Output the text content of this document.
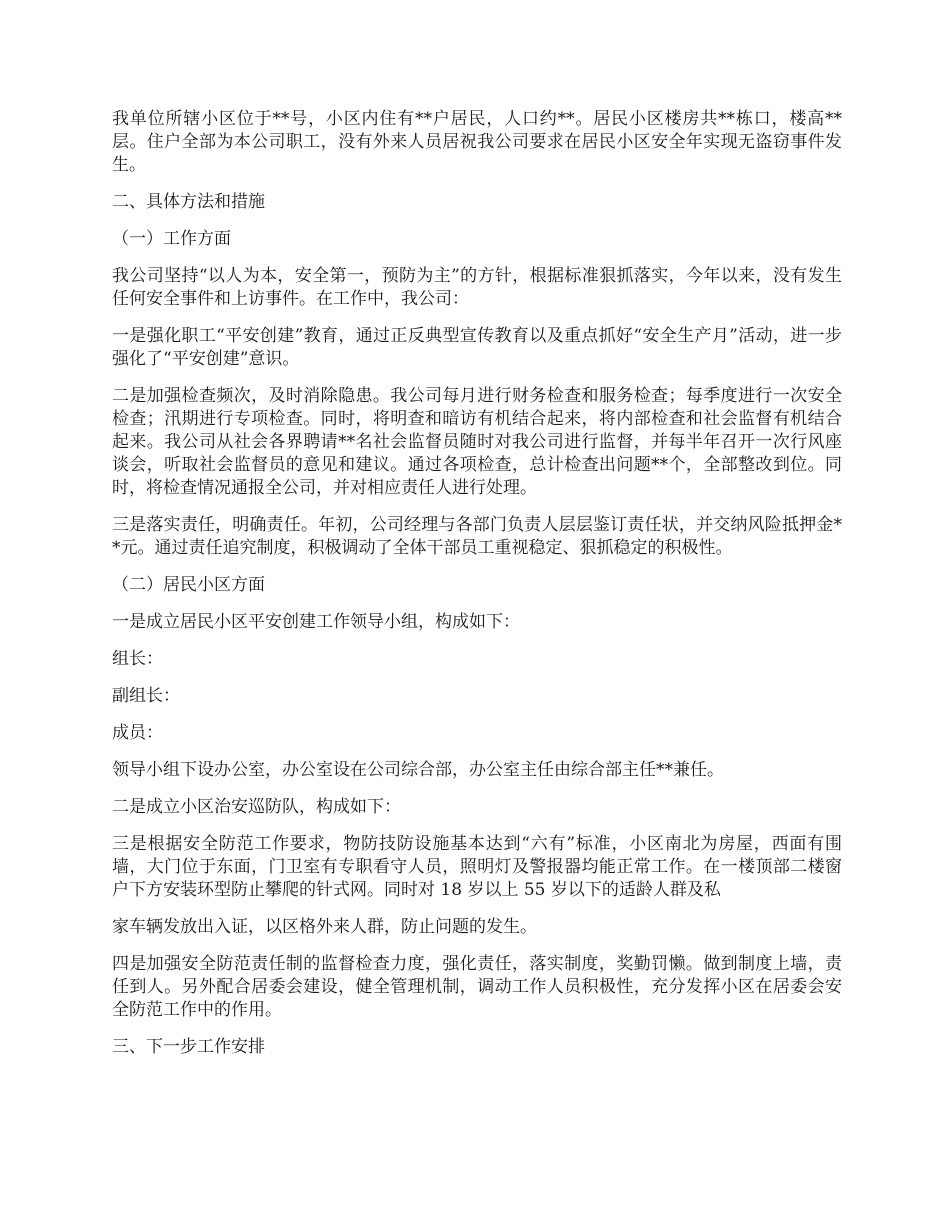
我单位所辖小区位于**号，小区内住有**户居民，人口约**。居民小区楼房共**栋口，楼高**层。住户全部为本公司职工，没有外来人员居祝我公司要求在居民小区安全年实现无盗窃事件发生。

二、具体方法和措施

（一）工作方面

我公司坚持“以人为本，安全第一，预防为主”的方针，根据标准狠抓落实，今年以来，没有发生任何安全事件和上访事件。在工作中，我公司：

一是强化职工“平安创建”教育，通过正反典型宣传教育以及重点抓好“安全生产月”活动，进一步强化了“平安创建”意识。

二是加强检查频次，及时消除隐患。我公司每月进行财务检查和服务检查；每季度进行一次安全检查；汛期进行专项检查。同时，将明查和暗访有机结合起来，将内部检查和社会监督有机结合起来。我公司从社会各界聘请**名社会监督员随时对我公司进行监督，并每半年召开一次行风座谈会，听取社会监督员的意见和建议。通过各项检查，总计检查出问题**个，全部整改到位。同时，将检查情况通报全公司，并对相应责任人进行处理。

三是落实责任，明确责任。年初，公司经理与各部门负责人层层鉴订责任状，并交纳风险抵押金**元。通过责任追究制度，积极调动了全体干部员工重视稳定、狠抓稳定的积极性。

（二）居民小区方面

一是成立居民小区平安创建工作领导小组，构成如下：

组长：

副组长：

成员：

领导小组下设办公室，办公室设在公司综合部，办公室主任由综合部主任**兼任。

二是成立小区治安巡防队，构成如下：

三是根据安全防范工作要求，物防技防设施基本达到“六有”标准，小区南北为房屋，西面有围墙，大门位于东面，门卫室有专职看守人员，照明灯及警报器均能正常工作。在一楼顶部二楼窗户下方安装环型防止攀爬的针式网。同时对 18 岁以上 55 岁以下的适龄人群及私

家车辆发放出入证，以区格外来人群，防止问题的发生。

四是加强安全防范责任制的监督检查力度，强化责任，落实制度，奖勤罚懒。做到制度上墙，责任到人。另外配合居委会建设，健全管理机制，调动工作人员积极性，充分发挥小区在居委会安全防范工作中的作用。

三、下一步工作安排
